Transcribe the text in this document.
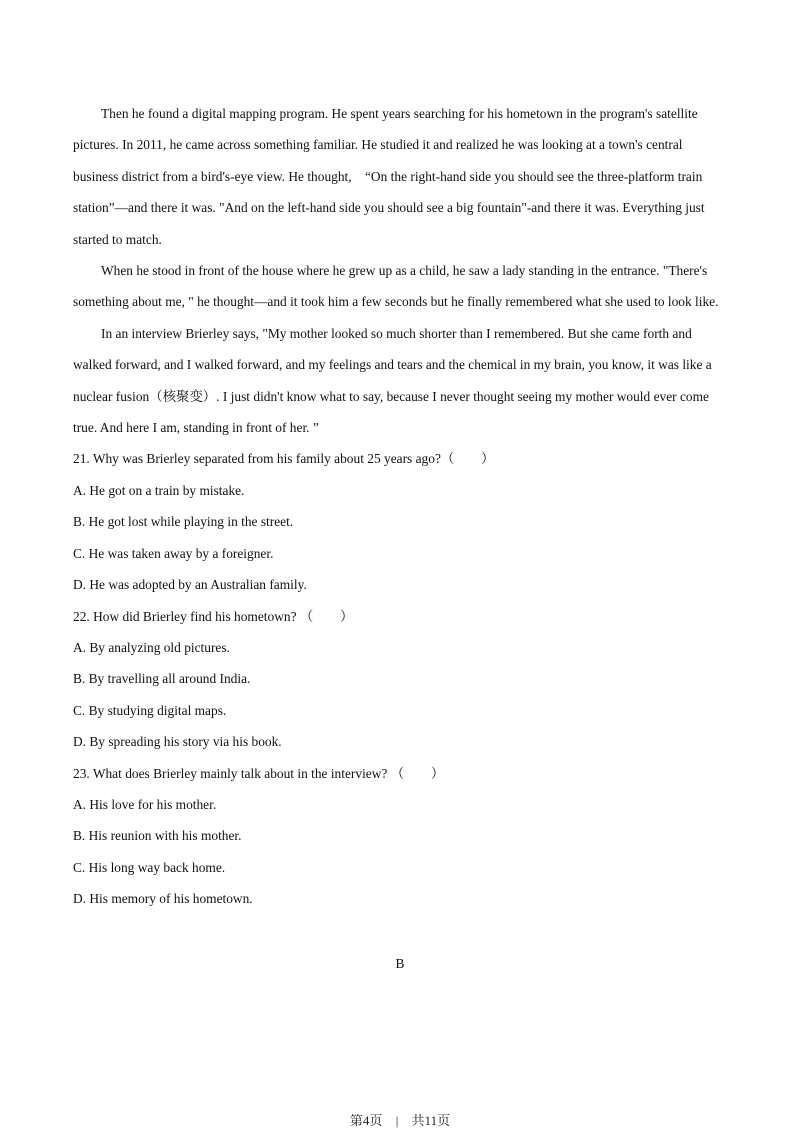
Then he found a digital mapping program. He spent years searching for his hometown in the program's satellite pictures. In 2011, he came across something familiar. He studied it and realized he was looking at a town's central business district from a bird's-eye view. He thought,　“On the right-hand side you should see the three-platform train station”—and there it was. "And on the left-hand side you should see a big fountain"-and there it was. Everything just started to match.

When he stood in front of the house where he grew up as a child, he saw a lady standing in the entrance. "There's something about me, " he thought—and it took him a few seconds but he finally remembered what she used to look like.

In an interview Brierley says, "My mother looked so much shorter than I remembered. But she came forth and walked forward, and I walked forward, and my feelings and tears and the chemical in my brain, you know, it was like a nuclear fusion（核聚变）. I just didn't know what to say, because I never thought seeing my mother would ever come true. And here I am, standing in front of her. ”

21. Why was Brierley separated from his family about 25 years ago?（　　）

A. He got on a train by mistake.

B. He got lost while playing in the street.

C. He was taken away by a foreigner.

D. He was adopted by an Australian family.

22. How did Brierley find his hometown? （　　）

A. By analyzing old pictures.

B. By travelling all around India.

C. By studying digital maps.

D. By spreading his story via his book.

23. What does Brierley mainly talk about in the interview? （　　）

A. His love for his mother.

B. His reunion with his mother.

C. His long way back home.

D. His memory of his hometown.

B
第4页 | 共11页
